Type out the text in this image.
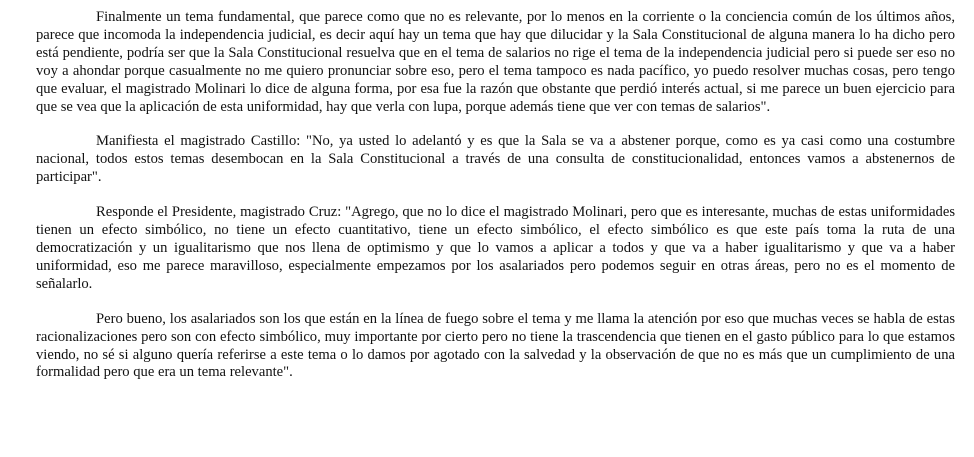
Finalmente un tema fundamental, que parece como que no es relevante, por lo menos en la corriente o la conciencia común de los últimos años, parece que incomoda la independencia judicial, es decir aquí hay un tema que hay que dilucidar y la Sala Constitucional de alguna manera lo ha dicho pero está pendiente, podría ser que la Sala Constitucional resuelva que en el tema de salarios no rige el tema de la independencia judicial pero si puede ser eso no voy a ahondar porque casualmente no me quiero pronunciar sobre eso, pero el tema tampoco es nada pacífico, yo puedo resolver muchas cosas, pero tengo que evaluar, el magistrado Molinari lo dice de alguna forma, por esa fue la razón que obstante que perdió interés actual, si me parece un buen ejercicio para que se vea que la aplicación de esta uniformidad, hay que verla con lupa, porque además tiene que ver con temas de salarios".

Manifiesta el magistrado Castillo: "No, ya usted lo adelantó y es que la Sala se va a abstener porque, como es ya casi como una costumbre nacional, todos estos temas desembocan en la Sala Constitucional a través de una consulta de constitucionalidad, entonces vamos a abstenernos de participar".

Responde el Presidente, magistrado Cruz: "Agrego, que no lo dice el magistrado Molinari, pero que es interesante, muchas de estas uniformidades tienen un efecto simbólico, no tiene un efecto cuantitativo, tiene un efecto simbólico, el efecto simbólico es que este país toma la ruta de una democratización y un igualitarismo que nos llena de optimismo y que lo vamos a aplicar a todos y que va a haber igualitarismo y que va a haber uniformidad, eso me parece maravilloso, especialmente empezamos por los asalariados pero podemos seguir en otras áreas, pero no es el momento de señalarlo.

Pero bueno, los asalariados son los que están en la línea de fuego sobre el tema y me llama la atención por eso que muchas veces se habla de estas racionalizaciones pero son con efecto simbólico, muy importante por cierto pero no tiene la trascendencia que tienen en el gasto público para lo que estamos viendo, no sé si alguno quería referirse a este tema o lo damos por agotado con la salvedad y la observación de que no es más que un cumplimiento de una formalidad pero que era un tema relevante".
